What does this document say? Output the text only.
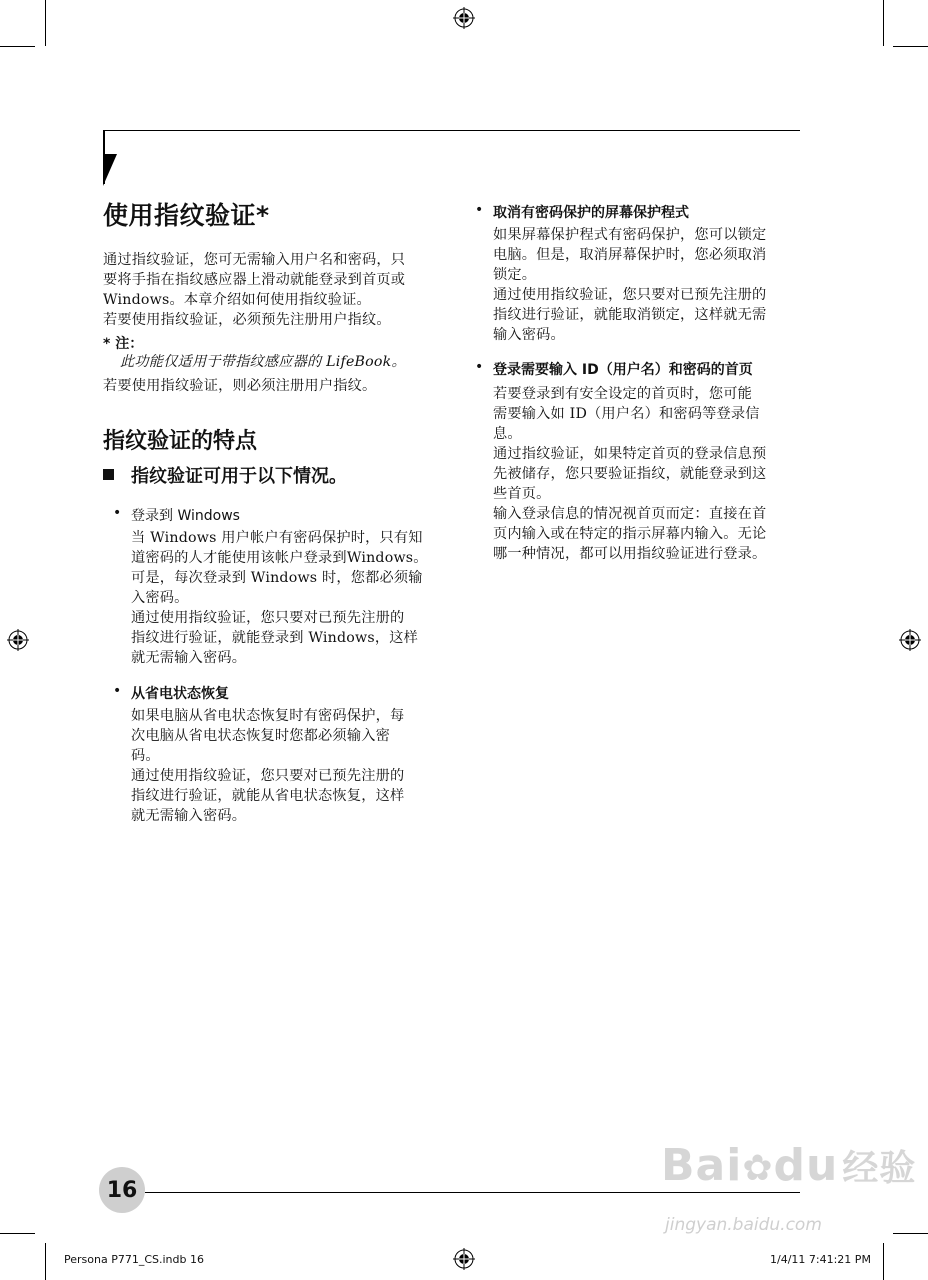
使用指纹验证*
通过指纹验证，您可无需输入用户名和密码，只
要将手指在指纹感应器上滑动就能登录到首页或
Windows。本章介绍如何使用指纹验证。
若要使用指纹验证，必须预先注册用户指纹。
* 注：
此功能仅适用于带指纹感应器的 LifeBook。
若要使用指纹验证，则必须注册用户指纹。
指纹验证的特点
指纹验证可用于以下情况。
• 登录到 Windows
当 Windows 用户帐户有密码保护时，只有知
道密码的人才能使用该帐户登录到Windows。
可是，每次登录到 Windows 时，您都必须输
入密码。
通过使用指纹验证，您只要对已预先注册的
指纹进行验证，就能登录到 Windows，这样
就无需输入密码。
• 从省电状态恢复
如果电脑从省电状态恢复时有密码保护，每
次电脑从省电状态恢复时您都必须输入密
码。
通过使用指纹验证，您只要对已预先注册的
指纹进行验证，就能从省电状态恢复，这样
就无需输入密码。
• 取消有密码保护的屏幕保护程式
如果屏幕保护程式有密码保护，您可以锁定
电脑。但是，取消屏幕保护时，您必须取消
锁定。
通过使用指纹验证，您只要对已预先注册的
指纹进行验证，就能取消锁定，这样就无需
输入密码。
• 登录需要输入 ID（用户名）和密码的首页
若要登录到有安全设定的首页时，您可能
需要输入如 ID（用户名）和密码等登录信
息。
通过指纹验证，如果特定首页的登录信息预
先被储存，您只要验证指纹，就能登录到这
些首页。
输入登录信息的情况视首页而定：直接在首
页内输入或在特定的指示屏幕内输入。无论
哪一种情况，都可以用指纹验证进行登录。
16	Bai✿du 经验
jingyan.baidu.com
Persona P771_CS.indb 16	1/4/11 7:41:21 PM
